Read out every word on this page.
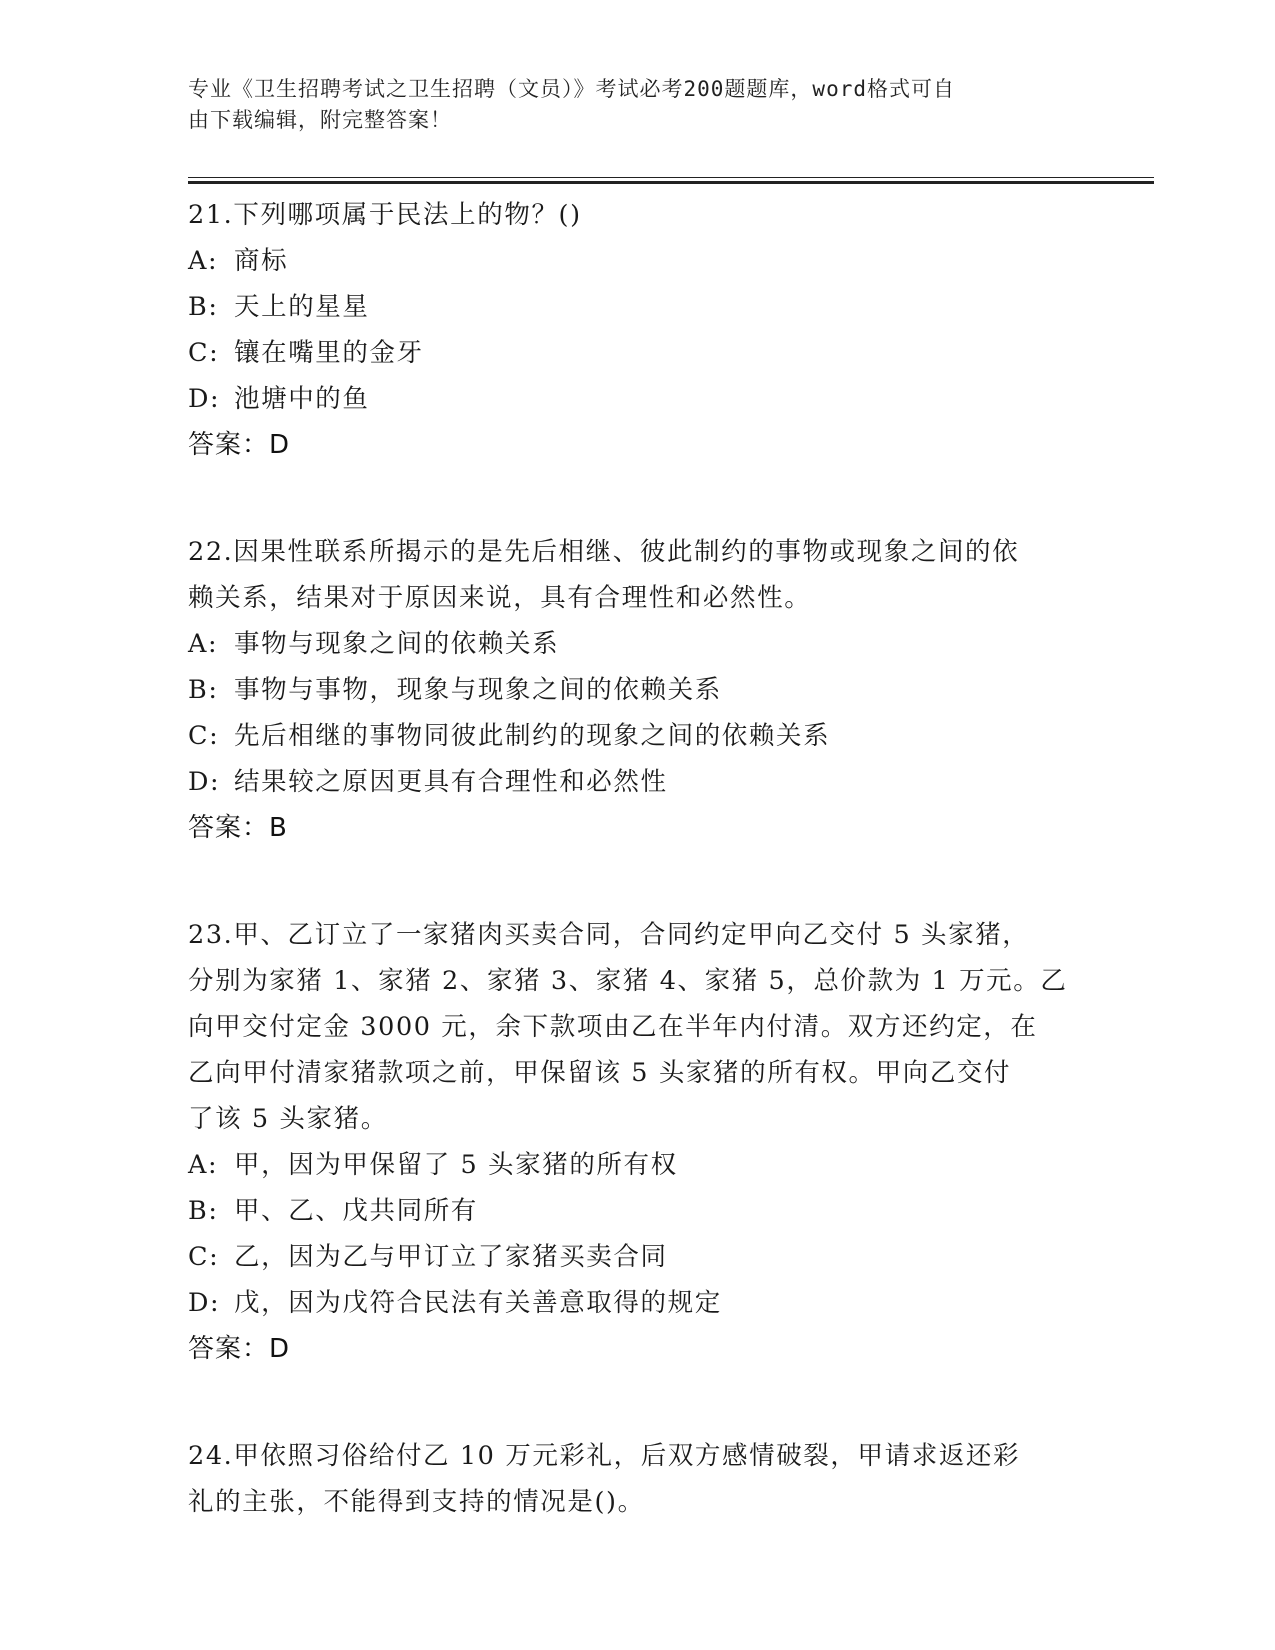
专业《卫生招聘考试之卫生招聘（文员）》考试必考200题题库，word格式可自
由下载编辑，附完整答案！
21.下列哪项属于民法上的物？()
A: 商标
B: 天上的星星
C: 镶在嘴里的金牙
D: 池塘中的鱼
答案：D
22.因果性联系所揭示的是先后相继、彼此制约的事物或现象之间的依
赖关系，结果对于原因来说，具有合理性和必然性。
A: 事物与现象之间的依赖关系
B: 事物与事物，现象与现象之间的依赖关系
C: 先后相继的事物同彼此制约的现象之间的依赖关系
D: 结果较之原因更具有合理性和必然性
答案：B
23.甲、乙订立了一家猪肉买卖合同，合同约定甲向乙交付 5 头家猪，
分别为家猪 1、家猪 2、家猪 3、家猪 4、家猪 5，总价款为 1 万元。乙
向甲交付定金 3000 元，余下款项由乙在半年内付清。双方还约定，在
乙向甲付清家猪款项之前，甲保留该 5 头家猪的所有权。甲向乙交付
了该 5 头家猪。
A: 甲，因为甲保留了 5 头家猪的所有权
B: 甲、乙、戊共同所有
C: 乙，因为乙与甲订立了家猪买卖合同
D: 戊，因为戊符合民法有关善意取得的规定
答案：D
24.甲依照习俗给付乙 10 万元彩礼，后双方感情破裂，甲请求返还彩
礼的主张，不能得到支持的情况是()。
